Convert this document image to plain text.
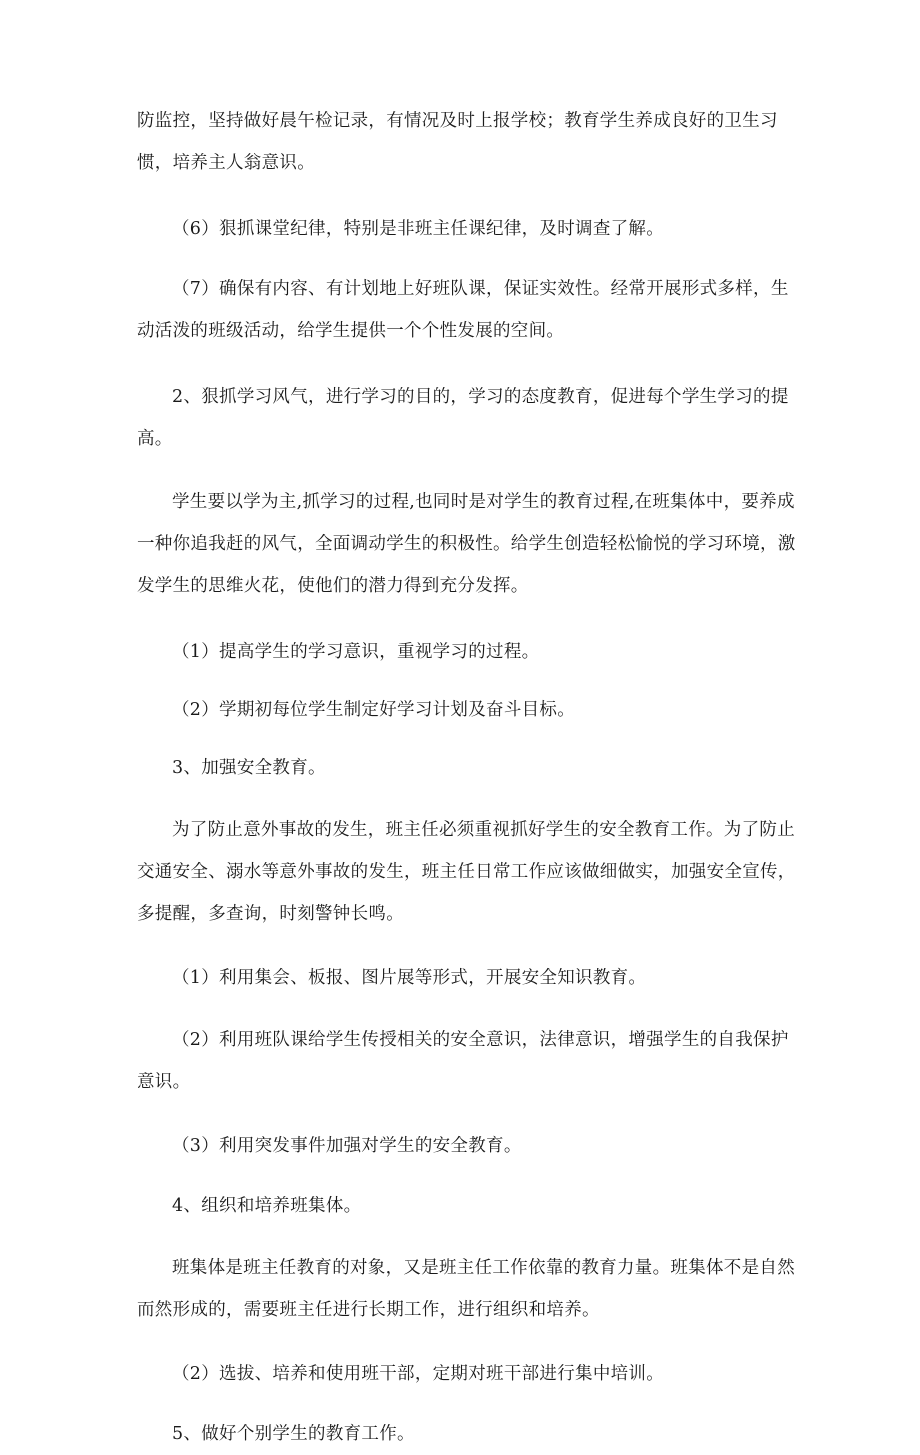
防监控，坚持做好晨午检记录，有情况及时上报学校；教育学生养成良好的卫生习惯，培养主人翁意识。

（6）狠抓课堂纪律，特别是非班主任课纪律，及时调查了解。

（7）确保有内容、有计划地上好班队课，保证实效性。经常开展形式多样，生动活泼的班级活动，给学生提供一个个性发展的空间。

2、狠抓学习风气，进行学习的目的，学习的态度教育，促进每个学生学习的提高。

学生要以学为主,抓学习的过程,也同时是对学生的教育过程,在班集体中，要养成一种你追我赶的风气，全面调动学生的积极性。给学生创造轻松愉悦的学习环境，激发学生的思维火花，使他们的潜力得到充分发挥。

（1）提高学生的学习意识，重视学习的过程。

（2）学期初每位学生制定好学习计划及奋斗目标。

3、加强安全教育。

为了防止意外事故的发生，班主任必须重视抓好学生的安全教育工作。为了防止交通安全、溺水等意外事故的发生，班主任日常工作应该做细做实，加强安全宣传，多提醒，多查询，时刻警钟长鸣。

（1）利用集会、板报、图片展等形式，开展安全知识教育。

（2）利用班队课给学生传授相关的安全意识，法律意识，增强学生的自我保护意识。

（3）利用突发事件加强对学生的安全教育。

4、组织和培养班集体。

班集体是班主任教育的对象，又是班主任工作依靠的教育力量。班集体不是自然而然形成的，需要班主任进行长期工作，进行组织和培养。

（2）选拔、培养和使用班干部，定期对班干部进行集中培训。

5、做好个别学生的教育工作。
